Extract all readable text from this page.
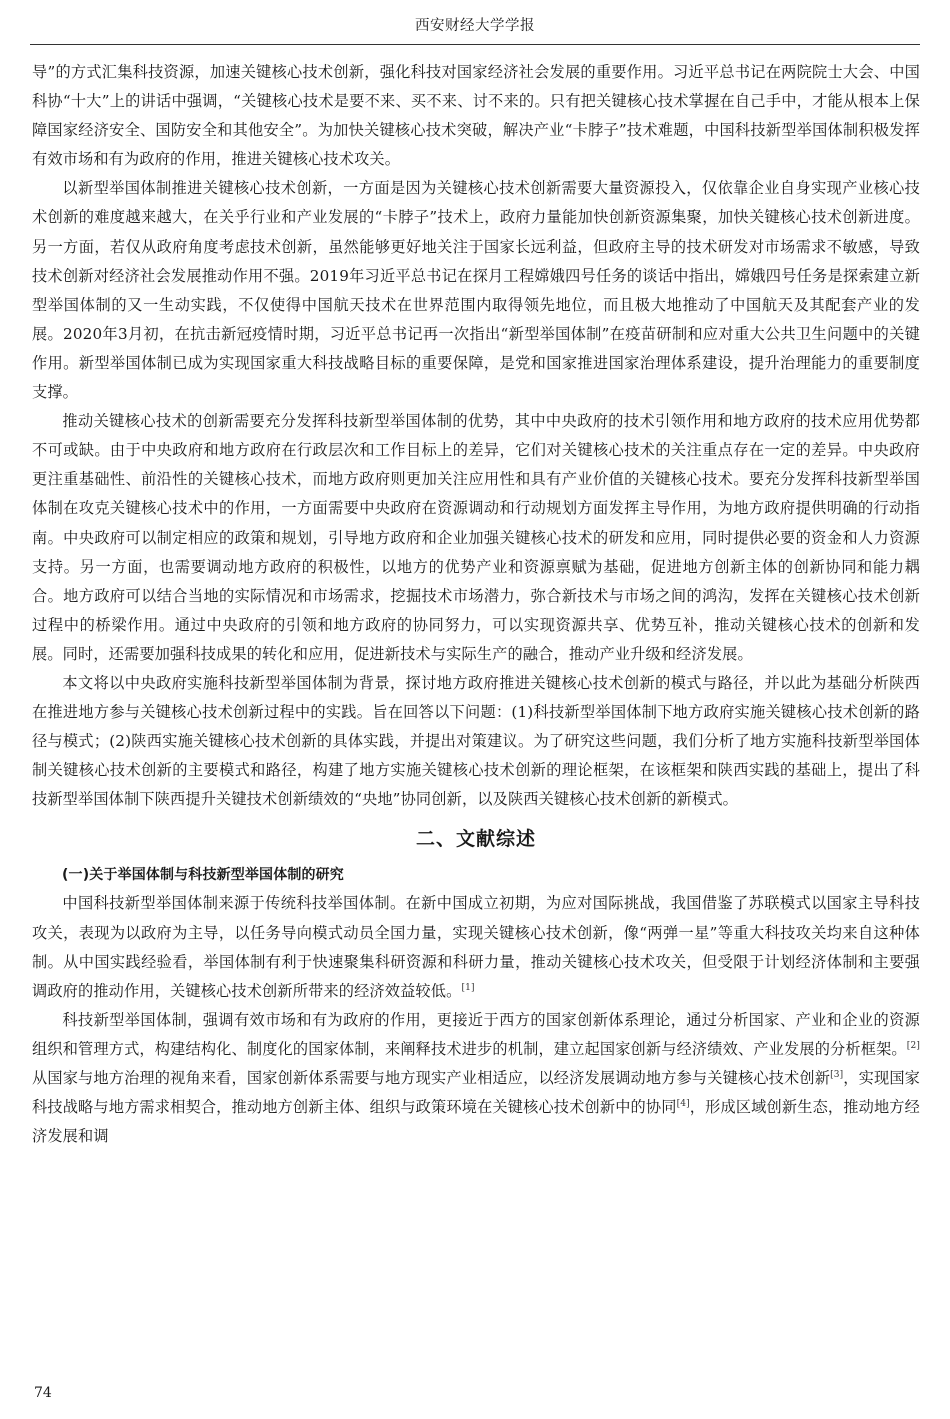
西安财经大学学报

导”的方式汇集科技资源，加速关键核心技术创新，强化科技对国家经济社会发展的重要作用。习近平总书记在两院院士大会、中国科协“十大”上的讲话中强调，“关键核心技术是要不来、买不来、讨不来的。只有把关键核心技术掌握在自己手中，才能从根本上保障国家经济安全、国防安全和其他安全”。为加快关键核心技术突破，解决产业“卡脖子”技术难题，中国科技新型举国体制积极发挥有效市场和有为政府的作用，推进关键核心技术攻关。

以新型举国体制推进关键核心技术创新，一方面是因为关键核心技术创新需要大量资源投入，仅依靠企业自身实现产业核心技术创新的难度越来越大，在关乎行业和产业发展的“卡脖子”技术上，政府力量能加快创新资源集聚，加快关键核心技术创新进度。另一方面，若仅从政府角度考虑技术创新，虽然能够更好地关注于国家长远利益，但政府主导的技术研发对市场需求不敏感，导致技术创新对经济社会发展推动作用不强。2019年习近平总书记在探月工程嫦娥四号任务的谈话中指出，嫦娥四号任务是探索建立新型举国体制的又一生动实践，不仅使得中国航天技术在世界范围内取得领先地位，而且极大地推动了中国航天及其配套产业的发展。2020年3月初，在抗击新冠疫情时期，习近平总书记再一次指出“新型举国体制”在疫苗研制和应对重大公共卫生问题中的关键作用。新型举国体制已成为实现国家重大科技战略目标的重要保障，是党和国家推进国家治理体系建设，提升治理能力的重要制度支撑。

推动关键核心技术的创新需要充分发挥科技新型举国体制的优势，其中中央政府的技术引领作用和地方政府的技术应用优势都不可或缺。由于中央政府和地方政府在行政层次和工作目标上的差异，它们对关键核心技术的关注重点存在一定的差异。中央政府更注重基础性、前沿性的关键核心技术，而地方政府则更加关注应用性和具有产业价值的关键核心技术。要充分发挥科技新型举国体制在攻克关键核心技术中的作用，一方面需要中央政府在资源调动和行动规划方面发挥主导作用，为地方政府提供明确的行动指南。中央政府可以制定相应的政策和规划，引导地方政府和企业加强关键核心技术的研发和应用，同时提供必要的资金和人力资源支持。另一方面，也需要调动地方政府的积极性，以地方的优势产业和资源禀赋为基础，促进地方创新主体的创新协同和能力耦合。地方政府可以结合当地的实际情况和市场需求，挖掘技术市场潜力，弥合新技术与市场之间的鸿沟，发挥在关键核心技术创新过程中的桥梁作用。通过中央政府的引领和地方政府的协同努力，可以实现资源共享、优势互补，推动关键核心技术的创新和发展。同时，还需要加强科技成果的转化和应用，促进新技术与实际生产的融合，推动产业升级和经济发展。

本文将以中央政府实施科技新型举国体制为背景，探讨地方政府推进关键核心技术创新的模式与路径，并以此为基础分析陕西在推进地方参与关键核心技术创新过程中的实践。旨在回答以下问题：(1)科技新型举国体制下地方政府实施关键核心技术创新的路径与模式；(2)陕西实施关键核心技术创新的具体实践，并提出对策建议。为了研究这些问题，我们分析了地方实施科技新型举国体制关键核心技术创新的主要模式和路径，构建了地方实施关键核心技术创新的理论框架，在该框架和陕西实践的基础上，提出了科技新型举国体制下陕西提升关键技术创新绩效的“央地”协同创新，以及陕西关键核心技术创新的新模式。

二、文献综述
(一)关于举国体制与科技新型举国体制的研究

中国科技新型举国体制来源于传统科技举国体制。在新中国成立初期，为应对国际挑战，我国借鉴了苏联模式以国家主导科技攻关，表现为以政府为主导，以任务导向模式动员全国力量，实现关键核心技术创新，像“两弹一星”等重大科技攻关均来自这种体制。从中国实践经验看，举国体制有利于快速聚集科研资源和科研力量，推动关键核心技术攻关，但受限于计划经济体制和主要强调政府的推动作用，关键核心技术创新所带来的经济效益较低。[1]

科技新型举国体制，强调有效市场和有为政府的作用，更接近于西方的国家创新体系理论，通过分析国家、产业和企业的资源组织和管理方式，构建结构化、制度化的国家体制，来阐释技术进步的机制，建立起国家创新与经济绩效、产业发展的分析框架。[2]从国家与地方治理的视角来看，国家创新体系需要与地方现实产业相适应，以经济发展调动地方参与关键核心技术创新[3]，实现国家科技战略与地方需求相契合，推动地方创新主体、组织与政策环境在关键核心技术创新中的协同[4]，形成区域创新生态，推动地方经济发展和调

74
